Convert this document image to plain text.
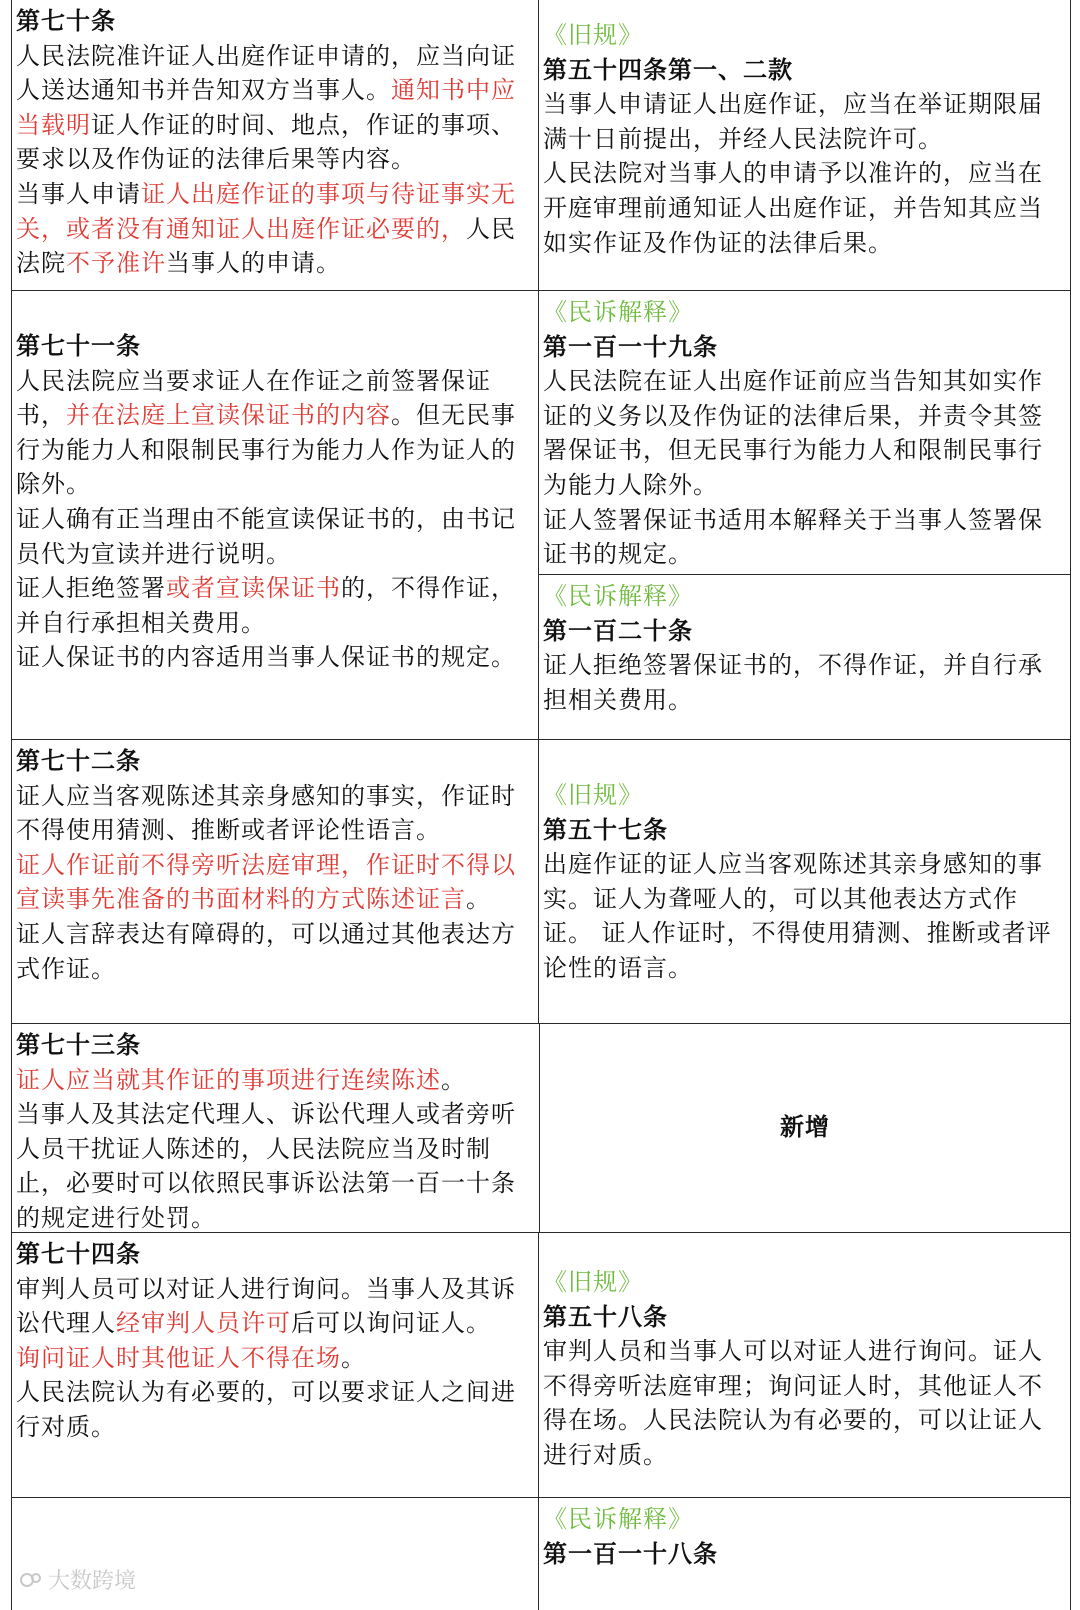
第七十条

人民法院准许证人出庭作证申请的，应当向证人送达通知书并告知双方当事人。通知书中应当载明证人作证的时间、地点，作证的事项、要求以及作伪证的法律后果等内容。

当事人申请证人出庭作证的事项与待证事实无关，或者没有通知证人出庭作证必要的，人民法院不予准许当事人的申请。

《旧规》

第五十四条第一、二款

当事人申请证人出庭作证，应当在举证期限届满十日前提出，并经人民法院许可。

人民法院对当事人的申请予以准许的，应当在开庭审理前通知证人出庭作证，并告知其应当如实作证及作伪证的法律后果。

第七十一条

人民法院应当要求证人在作证之前签署保证书，并在法庭上宣读保证书的内容。但无民事行为能力人和限制民事行为能力人作为证人的除外。

证人确有正当理由不能宣读保证书的，由书记员代为宣读并进行说明。

证人拒绝签署或者宣读保证书的，不得作证，并自行承担相关费用。

证人保证书的内容适用当事人保证书的规定。

《民诉解释》

第一百一十九条

人民法院在证人出庭作证前应当告知其如实作证的义务以及作伪证的法律后果，并责令其签署保证书，但无民事行为能力人和限制民事行为能力人除外。

证人签署保证书适用本解释关于当事人签署保证书的规定。

《民诉解释》

第一百二十条

证人拒绝签署保证书的，不得作证，并自行承担相关费用。

第七十二条

证人应当客观陈述其亲身感知的事实，作证时不得使用猜测、推断或者评论性语言。

证人作证前不得旁听法庭审理，作证时不得以宣读事先准备的书面材料的方式陈述证言。

证人言辞表达有障碍的，可以通过其他表达方式作证。

《旧规》

第五十七条

出庭作证的证人应当客观陈述其亲身感知的事实。证人为聋哑人的，可以其他表达方式作证。 证人作证时，不得使用猜测、推断或者评论性的语言。

第七十三条

证人应当就其作证的事项进行连续陈述。

当事人及其法定代理人、诉讼代理人或者旁听人员干扰证人陈述的，人民法院应当及时制止，必要时可以依照民事诉讼法第一百一十条的规定进行处罚。

新增

第七十四条

审判人员可以对证人进行询问。当事人及其诉讼代理人经审判人员许可后可以询问证人。

询问证人时其他证人不得在场。

人民法院认为有必要的，可以要求证人之间进行对质。

《旧规》

第五十八条

审判人员和当事人可以对证人进行询问。证人不得旁听法庭审理；询问证人时，其他证人不得在场。人民法院认为有必要的，可以让证人进行对质。

《民诉解释》

第一百一十八条

大数跨境
